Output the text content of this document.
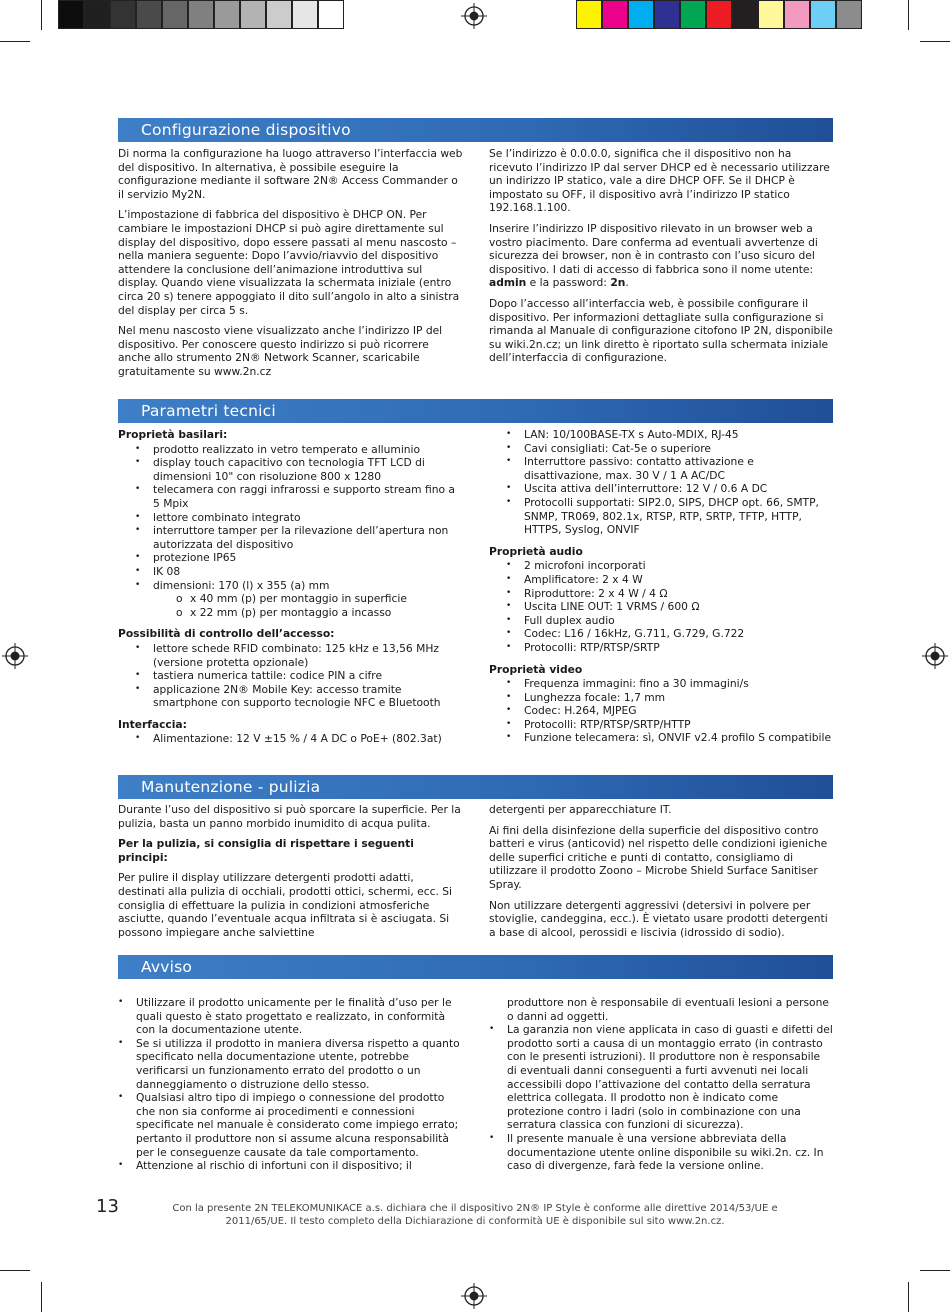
Configurazione dispositivo

Di norma la configurazione ha luogo attraverso l’interfaccia web del dispositivo. In alternativa, è possibile eseguire la configurazione mediante il software 2N® Access Commander o il servizio My2N.

L’impostazione di fabbrica del dispositivo è DHCP ON. Per cambiare le impostazioni DHCP si può agire direttamente sul display del dispositivo, dopo essere passati al menu nascosto – nella maniera seguente: Dopo l’avvio/riavvio del dispositivo attendere la conclusione dell’animazione introduttiva sul display. Quando viene visualizzata la schermata iniziale (entro circa 20 s) tenere appoggiato il dito sull’angolo in alto a sinistra del display per circa 5 s.

Nel menu nascosto viene visualizzato anche l’indirizzo IP del dispositivo. Per conoscere questo indirizzo si può ricorrere anche allo strumento 2N® Network Scanner, scaricabile gratuitamente su www.2n.cz

Se l’indirizzo è 0.0.0.0, significa che il dispositivo non ha ricevuto l’indirizzo IP dal server DHCP ed è necessario utilizzare un indirizzo IP statico, vale a dire DHCP OFF. Se il DHCP è impostato su OFF, il dispositivo avrà l’indirizzo IP statico 192.168.1.100.

Inserire l’indirizzo IP dispositivo rilevato in un browser web a vostro piacimento. Dare conferma ad eventuali avvertenze di sicurezza dei browser, non è in contrasto con l’uso sicuro del dispositivo. I dati di accesso di fabbrica sono il nome utente: admin e la password: 2n.

Dopo l’accesso all’interfaccia web, è possibile configurare il dispositivo. Per informazioni dettagliate sulla configurazione si rimanda al Manuale di configurazione citofono IP 2N, disponibile su wiki.2n.cz; un link diretto è riportato sulla schermata iniziale dell’interfaccia di configurazione.

Parametri tecnici
Proprietà basilari:
• prodotto realizzato in vetro temperato e alluminio
• display touch capacitivo con tecnologia TFT LCD di dimensioni 10" con risoluzione 800 x 1280
• telecamera con raggi infrarossi e supporto stream fino a 5 Mpix
• lettore combinato integrato
• interruttore tamper per la rilevazione dell’apertura non autorizzata del dispositivo
• protezione IP65
• IK 08
• dimensioni: 170 (l) x 355 (a) mm
o x 40 mm (p) per montaggio in superficie
o x 22 mm (p) per montaggio a incasso
Possibilità di controllo dell’accesso:
• lettore schede RFID combinato: 125 kHz e 13,56 MHz (versione protetta opzionale)
• tastiera numerica tattile: codice PIN a cifre
• applicazione 2N® Mobile Key: accesso tramite smartphone con supporto tecnologie NFC e Bluetooth
Interfaccia:
• Alimentazione: 12 V ±15 % / 4 A DC o PoE+ (802.3at)
• LAN: 10/100BASE-TX s Auto-MDIX, RJ-45
• Cavi consigliati: Cat-5e o superiore
• Interruttore passivo: contatto attivazione e disattivazione, max. 30 V / 1 A AC/DC
• Uscita attiva dell’interruttore: 12 V / 0.6 A DC
• Protocolli supportati: SIP2.0, SIPS, DHCP opt. 66, SMTP, SNMP, TR069, 802.1x, RTSP, RTP, SRTP, TFTP, HTTP, HTTPS, Syslog, ONVIF
Proprietà audio
• 2 microfoni incorporati
• Amplificatore: 2 x 4 W
• Riproduttore: 2 x 4 W / 4 Ω
• Uscita LINE OUT: 1 VRMS / 600 Ω
• Full duplex audio
• Codec: L16 / 16kHz, G.711, G.729, G.722
• Protocolli: RTP/RTSP/SRTP
Proprietà video
• Frequenza immagini: fino a 30 immagini/s
• Lunghezza focale: 1,7 mm
• Codec: H.264, MJPEG
• Protocolli: RTP/RTSP/SRTP/HTTP
• Funzione telecamera: sì, ONVIF v2.4 profilo S compatibile
Manutenzione - pulizia

Durante l’uso del dispositivo si può sporcare la superficie. Per la pulizia, basta un panno morbido inumidito di acqua pulita.

Per la pulizia, si consiglia di rispettare i seguenti principi:

Per pulire il display utilizzare detergenti prodotti adatti, destinati alla pulizia di occhiali, prodotti ottici, schermi, ecc. Si consiglia di effettuare la pulizia in condizioni atmosferiche asciutte, quando l’eventuale acqua infiltrata si è asciugata. Si possono impiegare anche salviettine

detergenti per apparecchiature IT.

Ai fini della disinfezione della superficie del dispositivo contro batteri e virus (anticovid) nel rispetto delle condizioni igieniche delle superfici critiche e punti di contatto, consigliamo di utilizzare il prodotto Zoono – Microbe Shield Surface Sanitiser Spray.

Non utilizzare detergenti aggressivi (detersivi in polvere per stoviglie, candeggina, ecc.). È vietato usare prodotti detergenti a base di alcool, perossidi e liscivia (idrossido di sodio).

Avviso
• Utilizzare il prodotto unicamente per le finalità d’uso per le quali questo è stato progettato e realizzato, in conformità con la documentazione utente.
• Se si utilizza il prodotto in maniera diversa rispetto a quanto specificato nella documentazione utente, potrebbe verificarsi un funzionamento errato del prodotto o un danneggiamento o distruzione dello stesso.
• Qualsiasi altro tipo di impiego o connessione del prodotto che non sia conforme ai procedimenti e connessioni specificate nel manuale è considerato come impiego errato; pertanto il produttore non si assume alcuna responsabilità per le conseguenze causate da tale comportamento.
• Attenzione al rischio di infortuni con il dispositivo; il
produttore non è responsabile di eventuali lesioni a persone o danni ad oggetti.
• La garanzia non viene applicata in caso di guasti e difetti del prodotto sorti a causa di un montaggio errato (in contrasto con le presenti istruzioni). Il produttore non è responsabile di eventuali danni conseguenti a furti avvenuti nei locali accessibili dopo l’attivazione del contatto della serratura elettrica collegata. Il prodotto non è indicato come protezione contro i ladri (solo in combinazione con una serratura classica con funzioni di sicurezza).
• Il presente manuale è una versione abbreviata della documentazione utente online disponibile su wiki.2n. cz. In caso di divergenze, farà fede la versione online.
13	Con la presente 2N TELEKOMUNIKACE a.s. dichiara che il dispositivo 2N® IP Style è conforme alle direttive 2014/53/UE e 2011/65/UE. Il testo completo della Dichiarazione di conformità UE è disponibile sul sito www.2n.cz.
